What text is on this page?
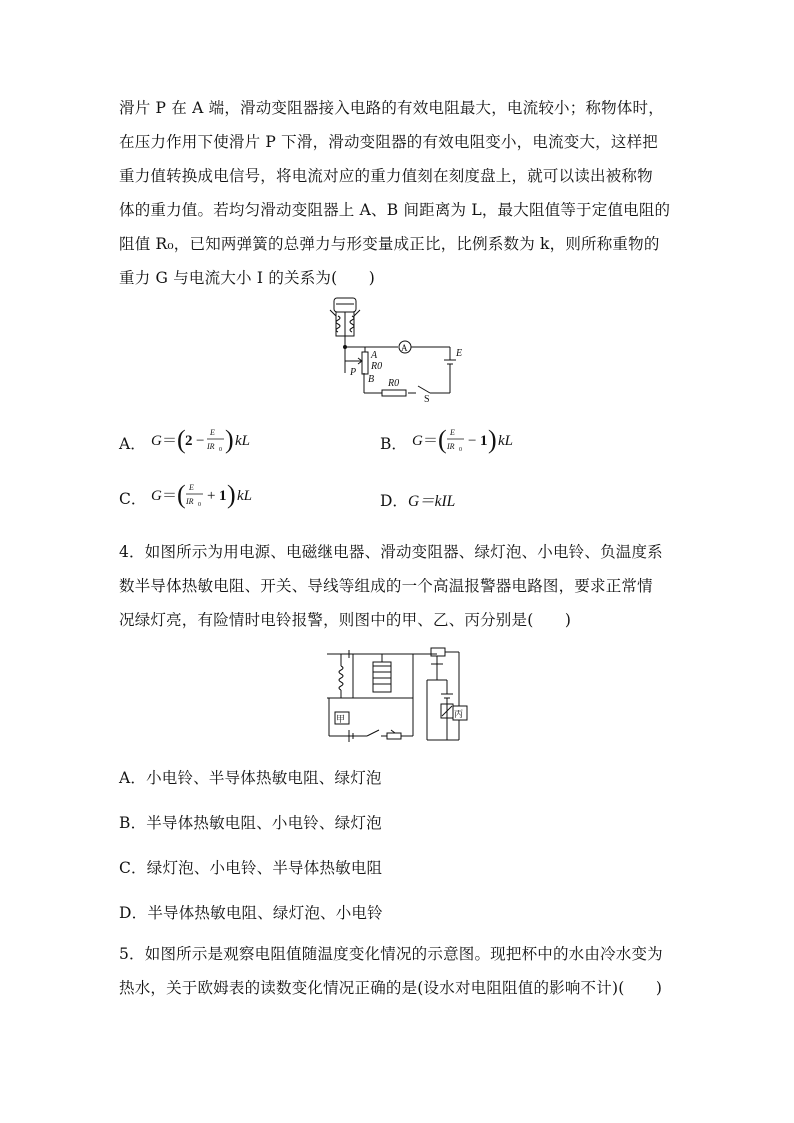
滑片 P 在 A 端，滑动变阻器接入电路的有效电阻最大，电流较小；称物体时，
在压力作用下使滑片 P 下滑，滑动变阻器的有效电阻变小，电流变大，这样把
重力值转换成电信号，将电流对应的重力值刻在刻度盘上，就可以读出被称物
体的重力值。若均匀滑动变阻器上 A、B 间距离为 L，最大阻值等于定值电阻的
阻值 R₀，已知两弹簧的总弹力与形变量成正比，比例系数为 k，则所称重物的
重力 G 与电流大小 I 的关系为(　　)
A
A
R0
P
B R0
E
S
A． G ＝ ( 2 −
E
IR 0 ) kL	B． G ＝ ( E
IR 0
− 1 ) kL
C． G ＝ ( E
IR 0
+ 1 ) kL	D．G＝kIL
4．如图所示为用电源、电磁继电器、滑动变阻器、绿灯泡、小电铃、负温度系
数半导体热敏电阻、开关、导线等组成的一个高温报警器电路图，要求正常情
况绿灯亮，有险情时电铃报警，则图中的甲、乙、丙分别是(　　)
甲	丙
A．小电铃、半导体热敏电阻、绿灯泡
B．半导体热敏电阻、小电铃、绿灯泡
C．绿灯泡、小电铃、半导体热敏电阻
D．半导体热敏电阻、绿灯泡、小电铃
5．如图所示是观察电阻值随温度变化情况的示意图。现把杯中的水由冷水变为
热水，关于欧姆表的读数变化情况正确的是(设水对电阻阻值的影响不计)(　　)
